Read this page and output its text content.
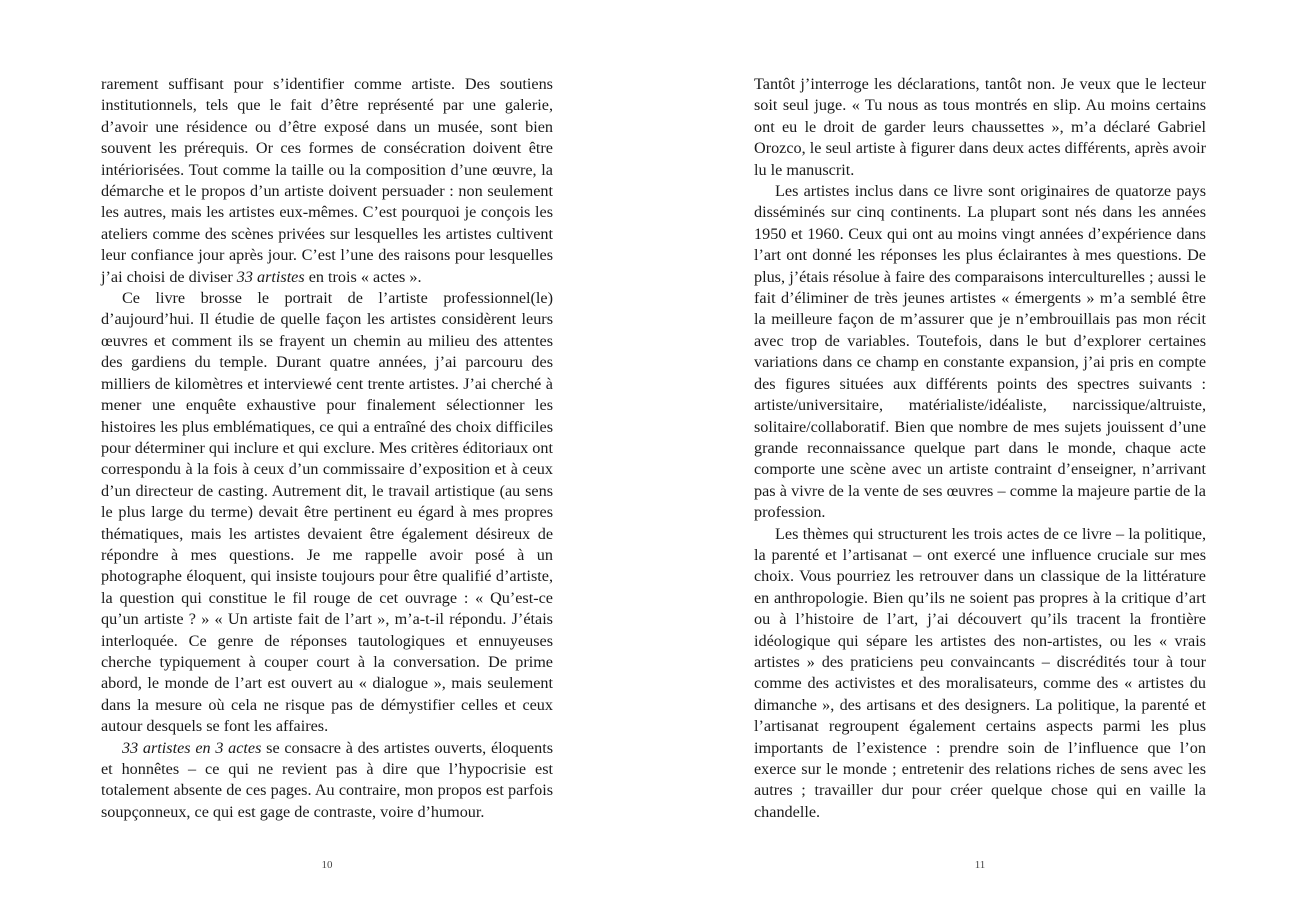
rarement suffisant pour s’identifier comme artiste. Des soutiens institutionnels, tels que le fait d’être représenté par une galerie, d’avoir une résidence ou d’être exposé dans un musée, sont bien souvent les prérequis. Or ces formes de consécration doivent être intériorisées. Tout comme la taille ou la composition d’une œuvre, la démarche et le propos d’un artiste doivent persuader : non seulement les autres, mais les artistes eux-mêmes. C’est pourquoi je conçois les ateliers comme des scènes privées sur lesquelles les artistes cultivent leur confiance jour après jour. C’est l’une des raisons pour lesquelles j’ai choisi de diviser 33 artistes en trois « actes ».

Ce livre brosse le portrait de l’artiste professionnel(le) d’aujourd’hui. Il étudie de quelle façon les artistes considèrent leurs œuvres et comment ils se frayent un chemin au milieu des attentes des gardiens du temple. Durant quatre années, j’ai parcouru des milliers de kilomètres et interviewé cent trente artistes. J’ai cherché à mener une enquête exhaustive pour finalement sélectionner les histoires les plus emblématiques, ce qui a entraîné des choix difficiles pour déterminer qui inclure et qui exclure. Mes critères éditoriaux ont correspondu à la fois à ceux d’un commissaire d’exposition et à ceux d’un directeur de casting. Autrement dit, le travail artistique (au sens le plus large du terme) devait être pertinent eu égard à mes propres thématiques, mais les artistes devaient être également désireux de répondre à mes questions. Je me rappelle avoir posé à un photographe éloquent, qui insiste toujours pour être qualifié d’artiste, la question qui constitue le fil rouge de cet ouvrage : « Qu’est-ce qu’un artiste ? » « Un artiste fait de l’art », m’a-t-il répondu. J’étais interloquée. Ce genre de réponses tautologiques et ennuyeuses cherche typiquement à couper court à la conversation. De prime abord, le monde de l’art est ouvert au « dialogue », mais seulement dans la mesure où cela ne risque pas de démystifier celles et ceux autour desquels se font les affaires.

33 artistes en 3 actes se consacre à des artistes ouverts, éloquents et honnêtes – ce qui ne revient pas à dire que l’hypocrisie est totalement absente de ces pages. Au contraire, mon propos est parfois soupçonneux, ce qui est gage de contraste, voire d’humour.

10

Tantôt j’interroge les déclarations, tantôt non. Je veux que le lecteur soit seul juge. « Tu nous as tous montrés en slip. Au moins certains ont eu le droit de garder leurs chaussettes », m’a déclaré Gabriel Orozco, le seul artiste à figurer dans deux actes différents, après avoir lu le manuscrit.

Les artistes inclus dans ce livre sont originaires de quatorze pays disséminés sur cinq continents. La plupart sont nés dans les années 1950 et 1960. Ceux qui ont au moins vingt années d’expérience dans l’art ont donné les réponses les plus éclairantes à mes questions. De plus, j’étais résolue à faire des comparaisons interculturelles ; aussi le fait d’éliminer de très jeunes artistes « émergents » m’a semblé être la meilleure façon de m’assurer que je n’embrouillais pas mon récit avec trop de variables. Toutefois, dans le but d’explorer certaines variations dans ce champ en constante expansion, j’ai pris en compte des figures situées aux différents points des spectres suivants : artiste/universitaire, matérialiste/idéaliste, narcissique/altruiste, solitaire/collaboratif. Bien que nombre de mes sujets jouissent d’une grande reconnaissance quelque part dans le monde, chaque acte comporte une scène avec un artiste contraint d’enseigner, n’arrivant pas à vivre de la vente de ses œuvres – comme la majeure partie de la profession.

Les thèmes qui structurent les trois actes de ce livre – la politique, la parenté et l’artisanat – ont exercé une influence cruciale sur mes choix. Vous pourriez les retrouver dans un classique de la littérature en anthropologie. Bien qu’ils ne soient pas propres à la critique d’art ou à l’histoire de l’art, j’ai découvert qu’ils tracent la frontière idéologique qui sépare les artistes des non-artistes, ou les « vrais artistes » des praticiens peu convaincants – discrédités tour à tour comme des activistes et des moralisateurs, comme des « artistes du dimanche », des artisans et des designers. La politique, la parenté et l’artisanat regroupent également certains aspects parmi les plus importants de l’existence : prendre soin de l’influence que l’on exerce sur le monde ; entretenir des relations riches de sens avec les autres ; travailler dur pour créer quelque chose qui en vaille la chandelle.

11
